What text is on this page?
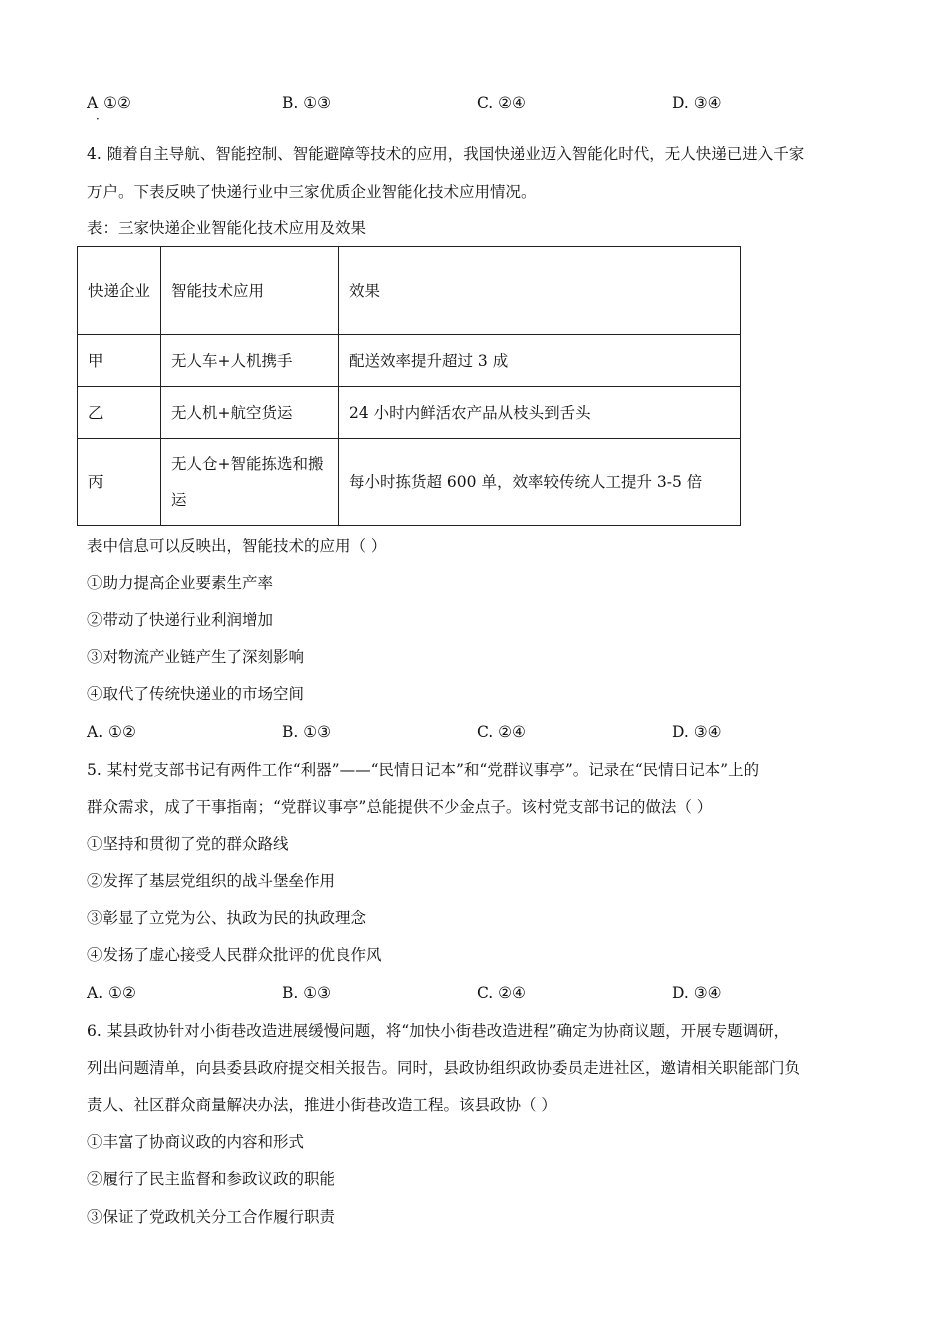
A ①②	B. ①③	C. ②④	D. ③④
·
4. 随着自主导航、智能控制、智能避障等技术的应用，我国快递业迈入智能化时代，无人快递已进入千家
万户。下表反映了快递行业中三家优质企业智能化技术应用情况。
表：三家快递企业智能化技术应用及效果
快递企业	智能技术应用	效果
甲	无人车+人机携手	配送效率提升超过 3 成
乙	无人机+航空货运	24 小时内鲜活农产品从枝头到舌头
丙	无人仓+智能拣选和搬运	每小时拣货超 600 单，效率较传统人工提升 3-5 倍
表中信息可以反映出，智能技术的应用（ ）
①助力提高企业要素生产率
②带动了快递行业利润增加
③对物流产业链产生了深刻影响
④取代了传统快递业的市场空间
A. ①②	B. ①③	C. ②④	D. ③④
5. 某村党支部书记有两件工作“利器”——“民情日记本”和“党群议事亭”。记录在“民情日记本”上的
群众需求，成了干事指南；“党群议事亭”总能提供不少金点子。该村党支部书记的做法（ ）
①坚持和贯彻了党的群众路线
②发挥了基层党组织的战斗堡垒作用
③彰显了立党为公、执政为民的执政理念
④发扬了虚心接受人民群众批评的优良作风
A. ①②	B. ①③	C. ②④	D. ③④
6. 某县政协针对小街巷改造进展缓慢问题，将“加快小街巷改造进程”确定为协商议题，开展专题调研，
列出问题清单，向县委县政府提交相关报告。同时，县政协组织政协委员走进社区，邀请相关职能部门负
责人、社区群众商量解决办法，推进小街巷改造工程。该县政协（ ）
①丰富了协商议政的内容和形式
②履行了民主监督和参政议政的职能
③保证了党政机关分工合作履行职责
